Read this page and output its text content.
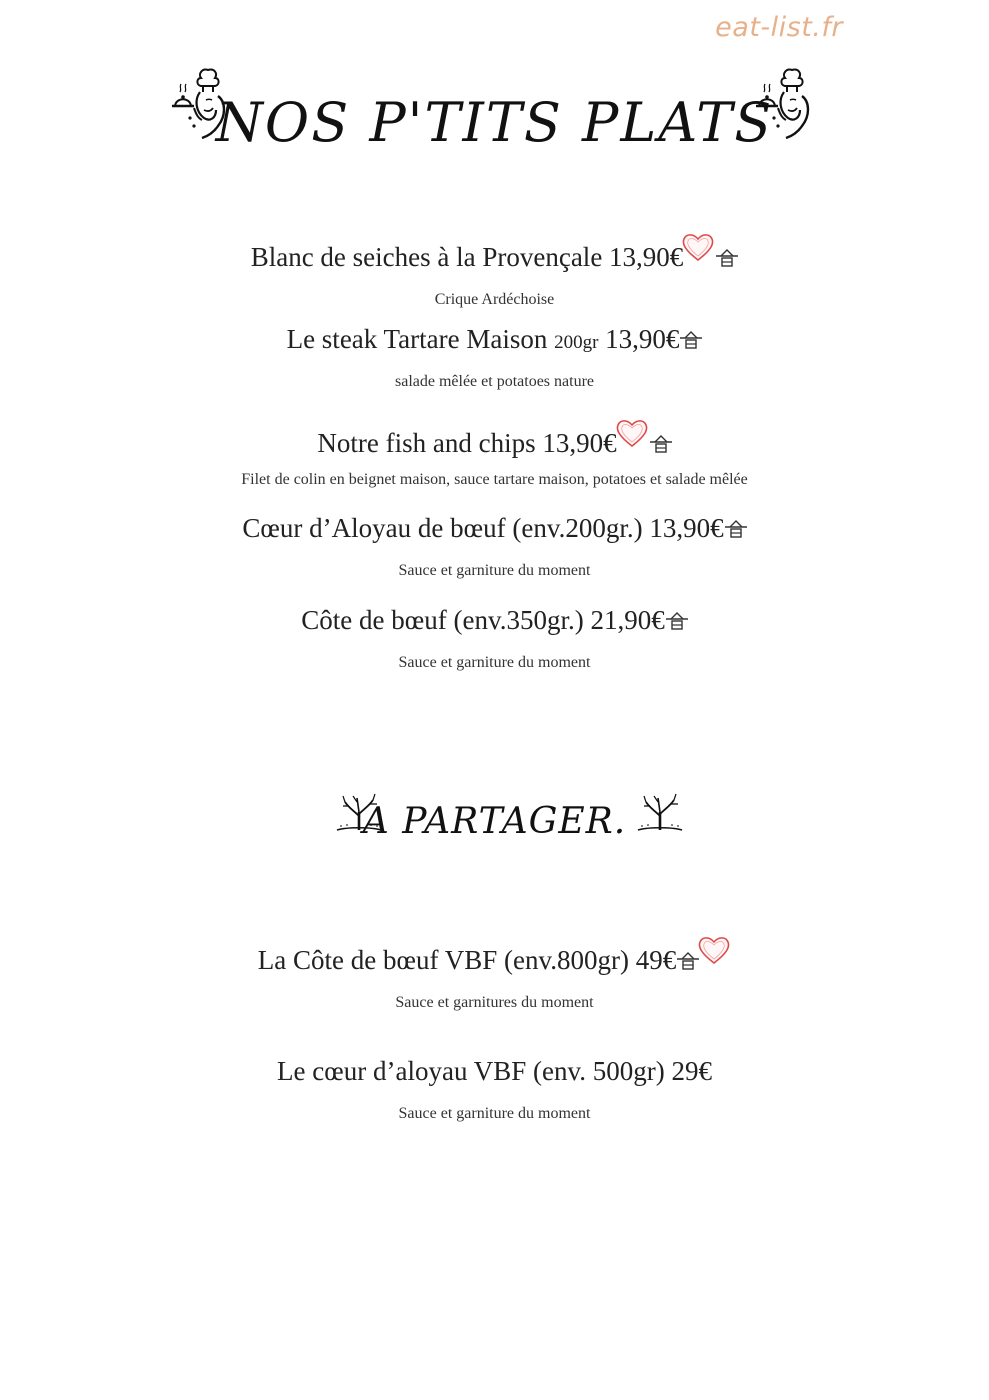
eat-list.fr
NOS P'TITS PLATS
Blanc de seiches à la Provençale 13,90€
Crique Ardéchoise
Le steak Tartare Maison 200gr 13,90€
salade mêlée et potatoes nature
Notre fish and chips 13,90€
Filet de colin en beignet maison, sauce tartare maison, potatoes et salade mêlée
Cœur d’Aloyau de bœuf (env.200gr.) 13,90€
Sauce et garniture du moment
Côte de bœuf (env.350gr.) 21,90€
Sauce et garniture du moment
A PARTAGER.
La Côte de bœuf VBF (env.800gr) 49€
Sauce et garnitures du moment
Le cœur d’aloyau VBF (env. 500gr) 29€
Sauce et garniture du moment
